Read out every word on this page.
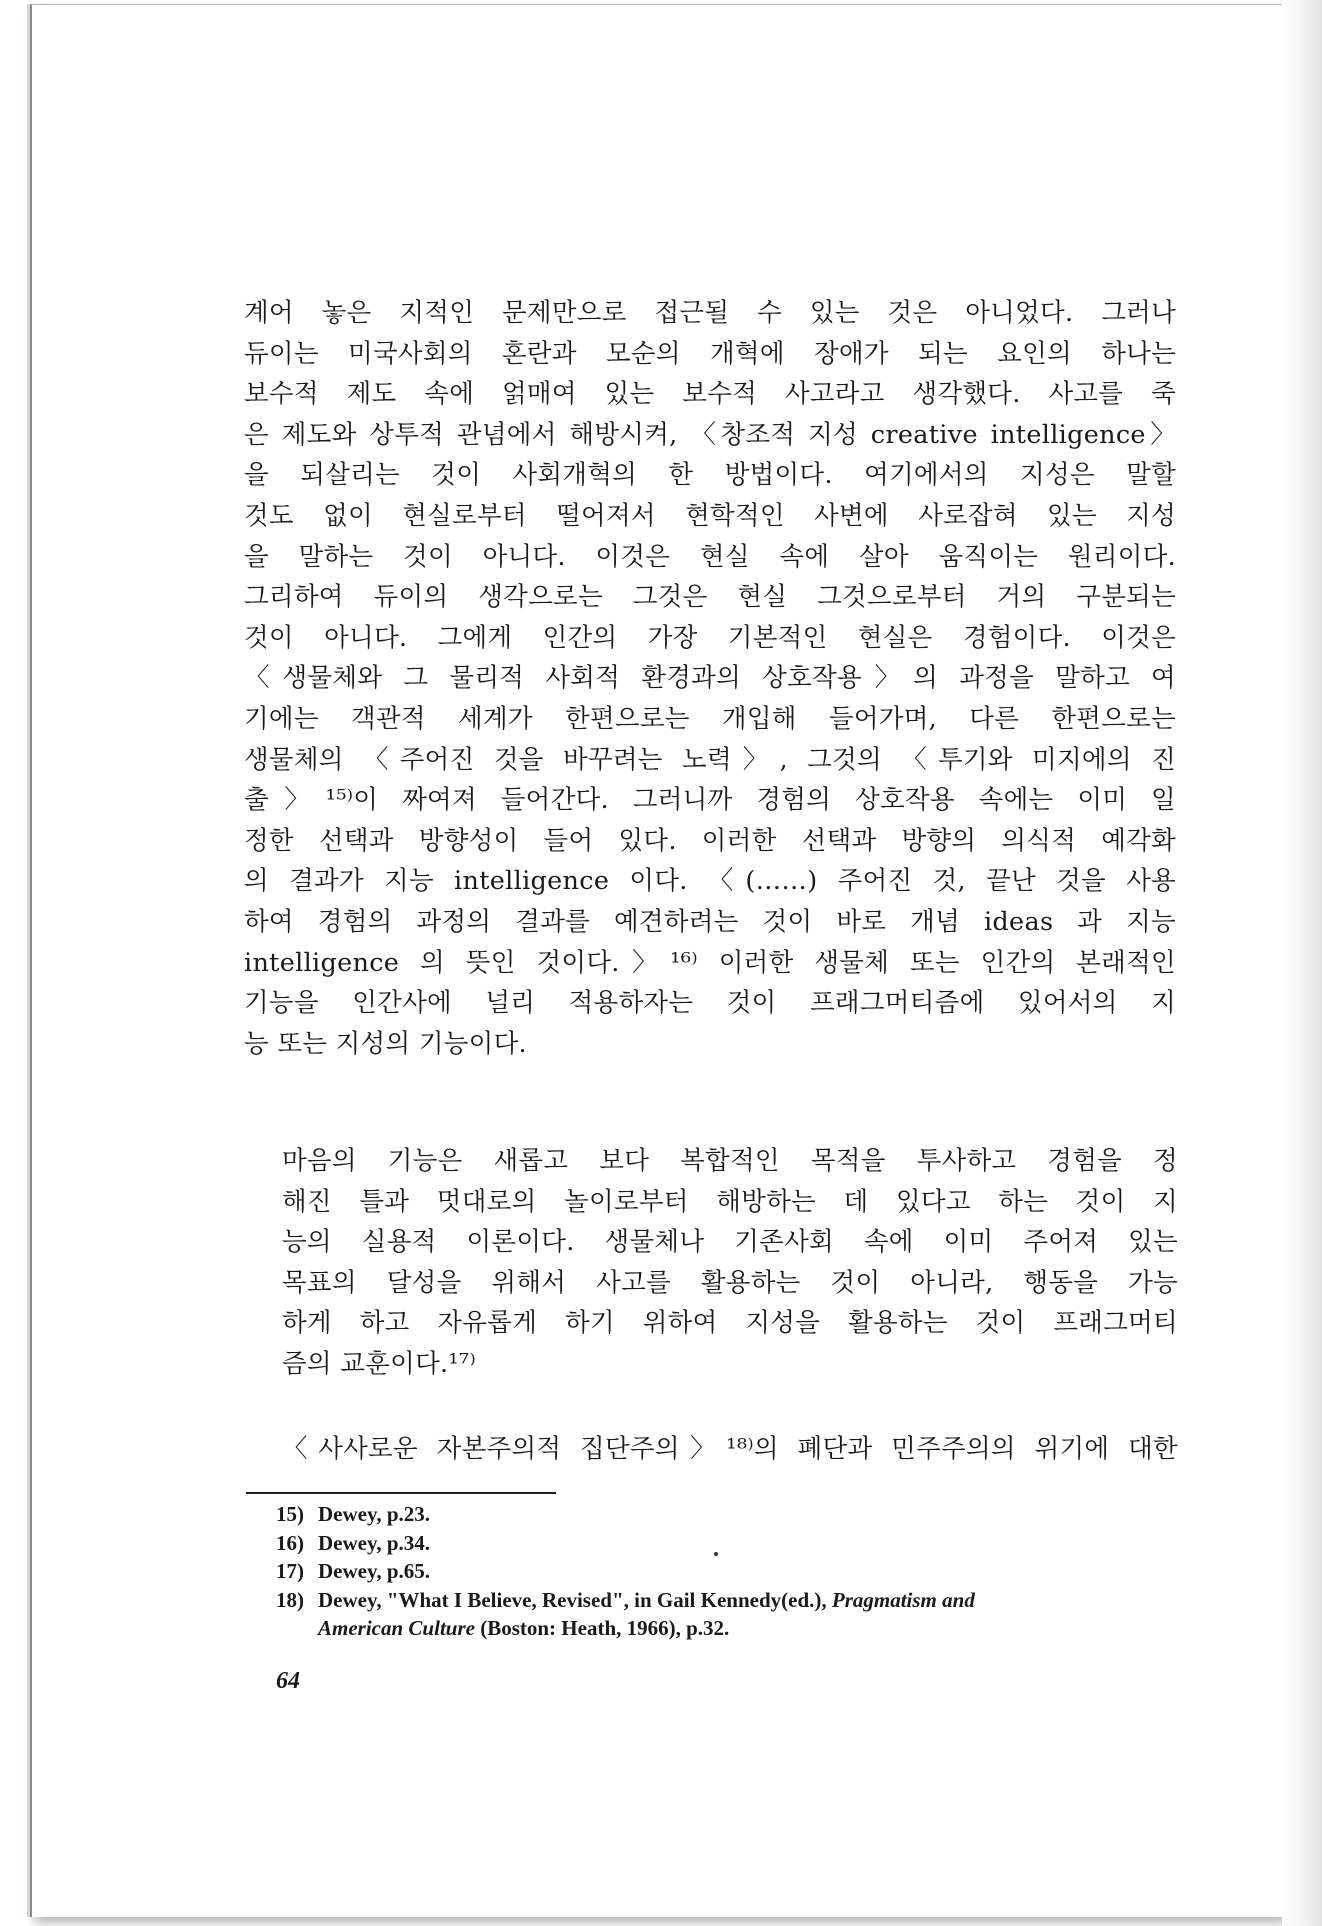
계어 놓은 지적인 문제만으로 접근될 수 있는 것은 아니었다. 그러나
듀이는 미국사회의 혼란과 모순의 개혁에 장애가 되는 요인의 하나는
보수적 제도 속에 얽매여 있는 보수적 사고라고 생각했다. 사고를 죽
은 제도와 상투적 관념에서 해방시켜, 〈창조적 지성 creative intelligence〉
을 되살리는 것이 사회개혁의 한 방법이다. 여기에서의 지성은 말할
것도 없이 현실로부터 떨어져서 현학적인 사변에 사로잡혀 있는 지성
을 말하는 것이 아니다. 이것은 현실 속에 살아 움직이는 원리이다.
그리하여 듀이의 생각으로는 그것은 현실 그것으로부터 거의 구분되는
것이 아니다. 그에게 인간의 가장 기본적인 현실은 경험이다. 이것은
〈생물체와 그 물리적 사회적 환경과의 상호작용〉의 과정을 말하고 여
기에는 객관적 세계가 한편으로는 개입해 들어가며, 다른 한편으로는
생물체의 〈주어진 것을 바꾸려는 노력〉, 그것의 〈투기와 미지에의 진
출〉¹⁵⁾이 짜여져 들어간다. 그러니까 경험의 상호작용 속에는 이미 일
정한 선택과 방향성이 들어 있다. 이러한 선택과 방향의 의식적 예각화
의 결과가 지능 intelligence 이다. 〈(……) 주어진 것, 끝난 것을 사용
하여 경험의 과정의 결과를 예견하려는 것이 바로 개념 ideas 과 지능
intelligence 의 뜻인 것이다.〉¹⁶⁾ 이러한 생물체 또는 인간의 본래적인
기능을 인간사에 널리 적용하자는 것이 프래그머티즘에 있어서의 지
능 또는 지성의 기능이다.
마음의 기능은 새롭고 보다 복합적인 목적을 투사하고 경험을 정
해진 틀과 멋대로의 놀이로부터 해방하는 데 있다고 하는 것이 지
능의 실용적 이론이다. 생물체나 기존사회 속에 이미 주어져 있는
목표의 달성을 위해서 사고를 활용하는 것이 아니라, 행동을 가능
하게 하고 자유롭게 하기 위하여 지성을 활용하는 것이 프래그머티
즘의 교훈이다.¹⁷⁾
〈사사로운 자본주의적 집단주의〉¹⁸⁾의 폐단과 민주주의의 위기에 대한
15) Dewey, p.23.
16) Dewey, p.34.
17) Dewey, p.65.
18) Dewey, "What I Believe, Revised", in Gail Kennedy(ed.), Pragmatism and
American Culture (Boston: Heath, 1966), p.32.
64
